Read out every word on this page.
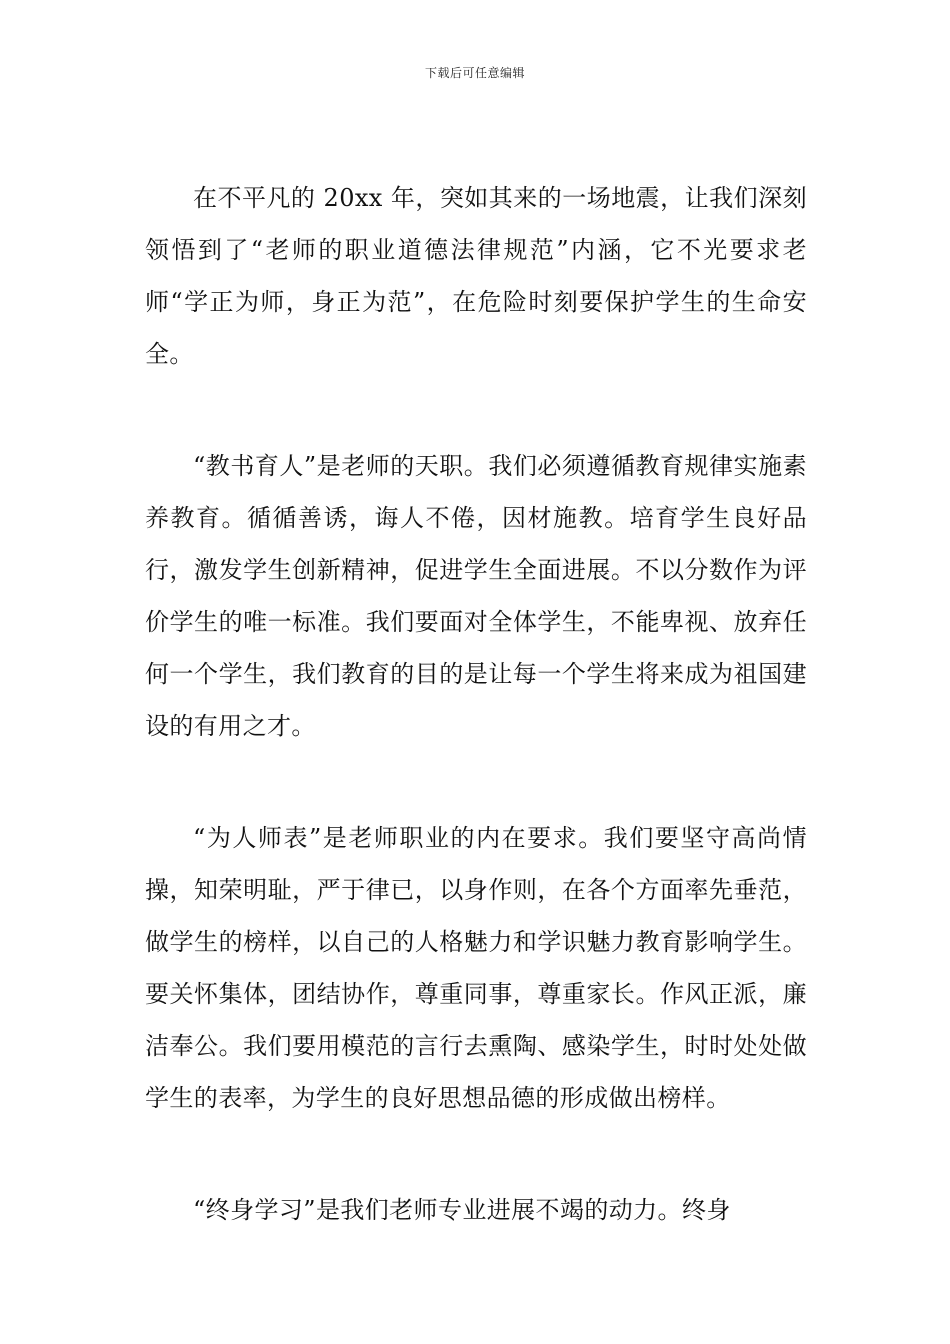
下载后可任意编辑

在不平凡的 20xx 年，突如其来的一场地震，让我们深刻领悟到了“老师的职业道德法律规范”内涵，它不光要求老师“学正为师，身正为范”，在危险时刻要保护学生的生命安全。

“教书育人”是老师的天职。我们必须遵循教育规律实施素养教育。循循善诱，诲人不倦，因材施教。培育学生良好品行，激发学生创新精神，促进学生全面进展。不以分数作为评价学生的唯一标准。我们要面对全体学生，不能卑视、放弃任何一个学生，我们教育的目的是让每一个学生将来成为祖国建设的有用之才。

“为人师表”是老师职业的内在要求。我们要坚守高尚情操，知荣明耻，严于律已，以身作则，在各个方面率先垂范，做学生的榜样，以自己的人格魅力和学识魅力教育影响学生。要关怀集体，团结协作，尊重同事，尊重家长。作风正派，廉洁奉公。我们要用模范的言行去熏陶、感染学生，时时处处做学生的表率，为学生的良好思想品德的形成做出榜样。

“终身学习”是我们老师专业进展不竭的动力。终身
